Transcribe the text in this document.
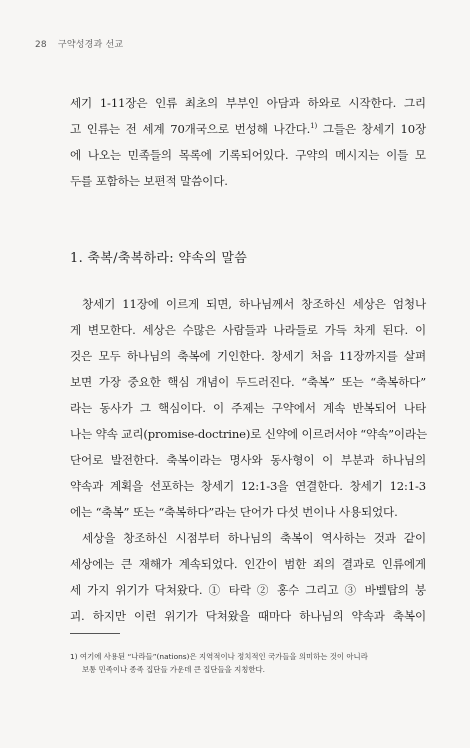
28 구약성경과 선교
세기 1-11장은 인류 최초의 부부인 아담과 하와로 시작한다. 그리
고 인류는 전 세계 70개국으로 번성해 나간다.$^{1)}$ 그들은 창세기 10장
에 나오는 민족들의 목록에 기록되어있다. 구약의 메시지는 이들 모
두를 포함하는 보편적 말씀이다.
1. 축복/축복하라: 약속의 말씀
창세기 11장에 이르게 되면, 하나님께서 창조하신 세상은 엄청나
게 변모한다. 세상은 수많은 사람들과 나라들로 가득 차게 된다. 이
것은 모두 하나님의 축복에 기인한다. 창세기 처음 11장까지를 살펴
보면 가장 중요한 핵심 개념이 두드러진다. “축복” 또는 “축복하다”
라는 동사가 그 핵심이다. 이 주제는 구약에서 계속 반복되어 나타
나는 약속 교리(promise-doctrine)로 신약에 이르러서야 “약속”이라는
단어로 발전한다. 축복이라는 명사와 동사형이 이 부분과 하나님의
약속과 계획을 선포하는 창세기 12:1-3을 연결한다. 창세기 12:1-3
에는 “축복” 또는 “축복하다”라는 단어가 다섯 번이나 사용되었다.
세상을 창조하신 시점부터 하나님의 축복이 역사하는 것과 같이
세상에는 큰 재해가 계속되었다. 인간이 범한 죄의 결과로 인류에게
세 가지 위기가 닥쳐왔다. ① 타락 ② 홍수 그리고 ③ 바벨탑의 붕
괴. 하지만 이런 위기가 닥쳐왔을 때마다 하나님의 약속과 축복이
1) 여기에 사용된 “나라들”(nations)은 지역적이나 정치적인 국가들을 의미하는 것이 아니라
보통 민족이나 종족 집단들 가운데 큰 집단들을 지칭한다.
